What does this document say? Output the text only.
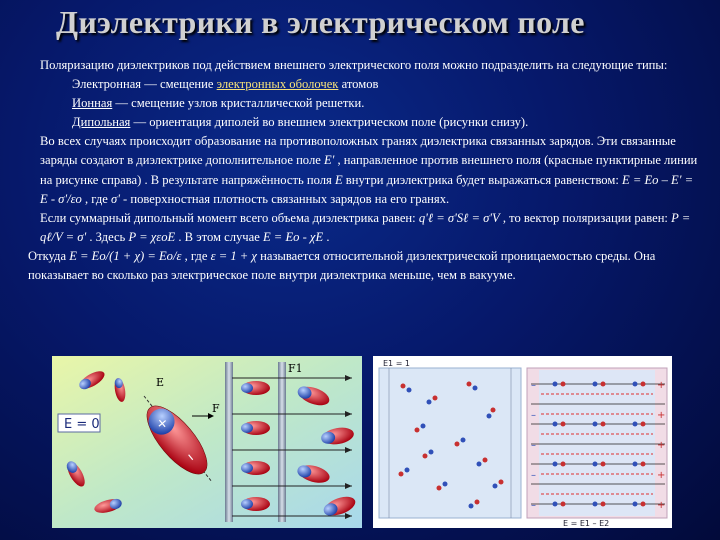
Диэлектрики в электрическом поле

Поляризацию диэлектриков под действием внешнего электрического поля можно подразделить на следующие типы:

Электронная — смещение электронных оболочек атомов

Ионная — смещение узлов кристаллической решетки.

Дипольная — ориентация диполей во внешнем электрическом поле (рисунки снизу).

Во всех случаях происходит образование на противоположных гранях диэлектрика связанных зарядов. Эти связанные заряды создают в диэлектрике дополнительное поле E' , направленное против внешнего поля (красные пунктирные линии на рисунке справа) . В результате напряжённость поля E внутри диэлектрика будет выражаться равенством: E = Eo – E' = E - σ'/εo , где σ' - поверхностная плотность связанных зарядов на его гранях.

Если суммарный дипольный момент всего объема диэлектрика равен: q'ℓ = σ'Sℓ = σ'V , то вектор поляризации равен: P = qℓ/V = σ' . Здесь P = χεoE . В этом случае E = Eo - χE .

Откуда E = Eo/(1 + χ) = Eo/ε , где ε = 1 + χ называется относительной диэлектрической проницаемостью среды. Она показывает во сколько раз электрическое поле внутри диэлектрика меньше, чем в вакууме.

E = 0	+
–
E
F
F1	E1 = 1
–
–
–
–
–
+
+
+
+
+
E = E1 – E2
